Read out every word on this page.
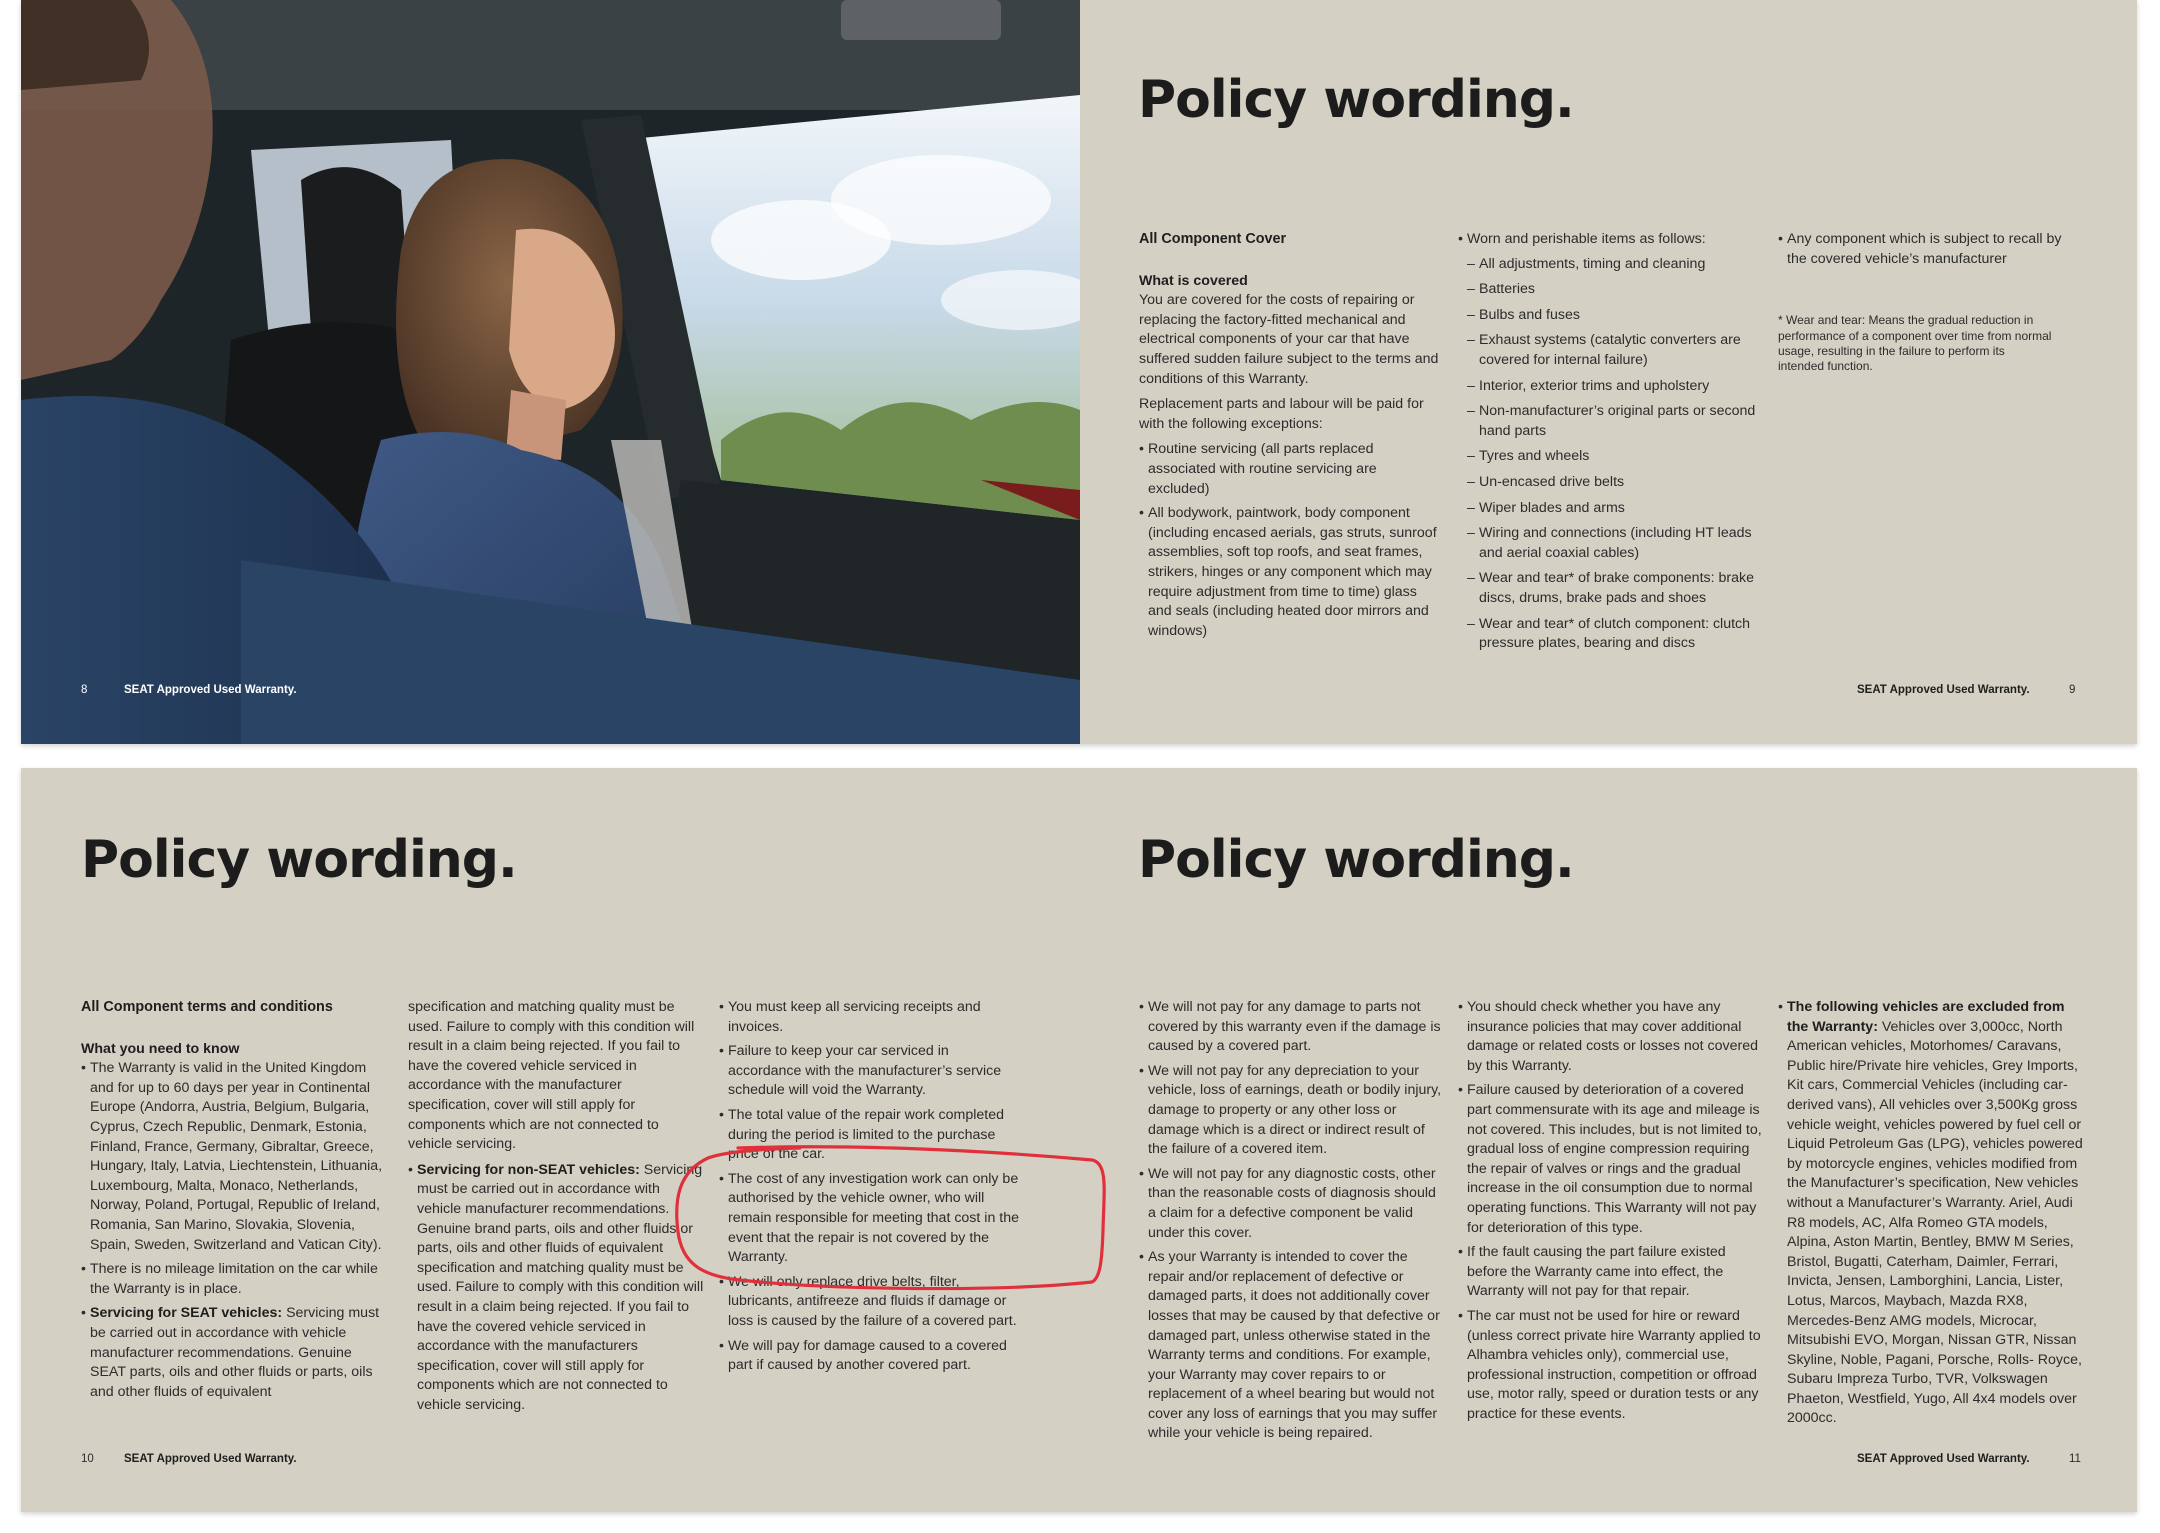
8	SEAT Approved Used Warranty.
Policy wording.
All Component Cover
What is covered

You are covered for the costs of repairing or replacing the factory-fitted mechanical and electrical components of your car that have suffered sudden failure subject to the terms and conditions of this Warranty.

Replacement parts and labour will be paid for with the following exceptions:

• Routine servicing (all parts replaced associated with routine servicing are excluded)
• All bodywork, paintwork, body component (including encased aerials, gas struts, sunroof assemblies, soft top roofs, and seat frames, strikers, hinges or any component which may require adjustment from time to time) glass and seals (including heated door mirrors and windows)
• Worn and perishable items as follows:
– All adjustments, timing and cleaning
– Batteries
– Bulbs and fuses
– Exhaust systems (catalytic converters are covered for internal failure)
– Interior, exterior trims and upholstery
– Non-manufacturer’s original parts or second hand parts
– Tyres and wheels
– Un-encased drive belts
– Wiper blades and arms
– Wiring and connections (including HT leads and aerial coaxial cables)
– Wear and tear* of brake components: brake discs, drums, brake pads and shoes
– Wear and tear* of clutch component: clutch pressure plates, bearing and discs
• Any component which is subject to recall by the covered vehicle’s manufacturer

* Wear and tear: Means the gradual reduction in performance of a component over time from normal usage, resulting in the failure to perform its intended function.

SEAT Approved Used Warranty.	9
Policy wording.
All Component terms and conditions
What you need to know
• The Warranty is valid in the United Kingdom and for up to 60 days per year in Continental Europe (Andorra, Austria, Belgium, Bulgaria, Cyprus, Czech Republic, Denmark, Estonia, Finland, France, Germany, Gibraltar, Greece, Hungary, Italy, Latvia, Liechtenstein, Lithuania, Luxembourg, Malta, Monaco, Netherlands, Norway, Poland, Portugal, Republic of Ireland, Romania, San Marino, Slovakia, Slovenia, Spain, Sweden, Switzerland and Vatican City).
• There is no mileage limitation on the car while the Warranty is in place.
• Servicing for SEAT vehicles: Servicing must be carried out in accordance with vehicle manufacturer recommendations. Genuine SEAT parts, oils and other fluids or parts, oils and other fluids of equivalent

specification and matching quality must be used. Failure to comply with this condition will result in a claim being rejected. If you fail to have the covered vehicle serviced in accordance with the manufacturer specification, cover will still apply for components which are not connected to vehicle servicing.

• Servicing for non-SEAT vehicles: Servicing must be carried out in accordance with vehicle manufacturer recommendations. Genuine brand parts, oils and other fluids or parts, oils and other fluids of equivalent specification and matching quality must be used. Failure to comply with this condition will result in a claim being rejected. If you fail to have the covered vehicle serviced in accordance with the manufacturers specification, cover will still apply for components which are not connected to vehicle servicing.
• You must keep all servicing receipts and invoices.
• Failure to keep your car serviced in accordance with the manufacturer’s service schedule will void the Warranty.
• The total value of the repair work completed during the period is limited to the purchase price of the car.
• The cost of any investigation work can only be authorised by the vehicle owner, who will remain responsible for meeting that cost in the event that the repair is not covered by the Warranty.
• We will only replace drive belts, filter, lubricants, antifreeze and fluids if damage or loss is caused by the failure of a covered part.
• We will pay for damage caused to a covered part if caused by another covered part.
10	SEAT Approved Used Warranty.
Policy wording.
• We will not pay for any damage to parts not covered by this warranty even if the damage is caused by a covered part.
• We will not pay for any depreciation to your vehicle, loss of earnings, death or bodily injury, damage to property or any other loss or damage which is a direct or indirect result of the failure of a covered item.
• We will not pay for any diagnostic costs, other than the reasonable costs of diagnosis should a claim for a defective component be valid under this cover.
• As your Warranty is intended to cover the repair and/or replacement of defective or damaged parts, it does not additionally cover losses that may be caused by that defective or damaged part, unless otherwise stated in the Warranty terms and conditions. For example, your Warranty may cover repairs to or replacement of a wheel bearing but would not cover any loss of earnings that you may suffer while your vehicle is being repaired.
• You should check whether you have any insurance policies that may cover additional damage or related costs or losses not covered by this Warranty.
• Failure caused by deterioration of a covered part commensurate with its age and mileage is not covered. This includes, but is not limited to, gradual loss of engine compression requiring the repair of valves or rings and the gradual increase in the oil consumption due to normal operating functions. This Warranty will not pay for deterioration of this type.
• If the fault causing the part failure existed before the Warranty came into effect, the Warranty will not pay for that repair.
• The car must not be used for hire or reward (unless correct private hire Warranty applied to Alhambra vehicles only), commercial use, professional instruction, competition or offroad use, motor rally, speed or duration tests or any practice for these events.
• The following vehicles are excluded from the Warranty: Vehicles over 3,000cc, North American vehicles, Motorhomes/ Caravans, Public hire/Private hire vehicles, Grey Imports, Kit cars, Commercial Vehicles (including car-derived vans), All vehicles over 3,500Kg gross vehicle weight, vehicles powered by fuel cell or Liquid Petroleum Gas (LPG), vehicles powered by motorcycle engines, vehicles modified from the Manufacturer’s specification, New vehicles without a Manufacturer’s Warranty. Ariel, Audi R8 models, AC, Alfa Romeo GTA models, Alpina, Aston Martin, Bentley, BMW M Series, Bristol, Bugatti, Caterham, Daimler, Ferrari, Invicta, Jensen, Lamborghini, Lancia, Lister, Lotus, Marcos, Maybach, Mazda RX8, Mercedes-Benz AMG models, Microcar, Mitsubishi EVO, Morgan, Nissan GTR, Nissan Skyline, Noble, Pagani, Porsche, Rolls- Royce, Subaru Impreza Turbo, TVR, Volkswagen Phaeton, Westfield, Yugo, All 4x4 models over 2000cc.
SEAT Approved Used Warranty.	11
